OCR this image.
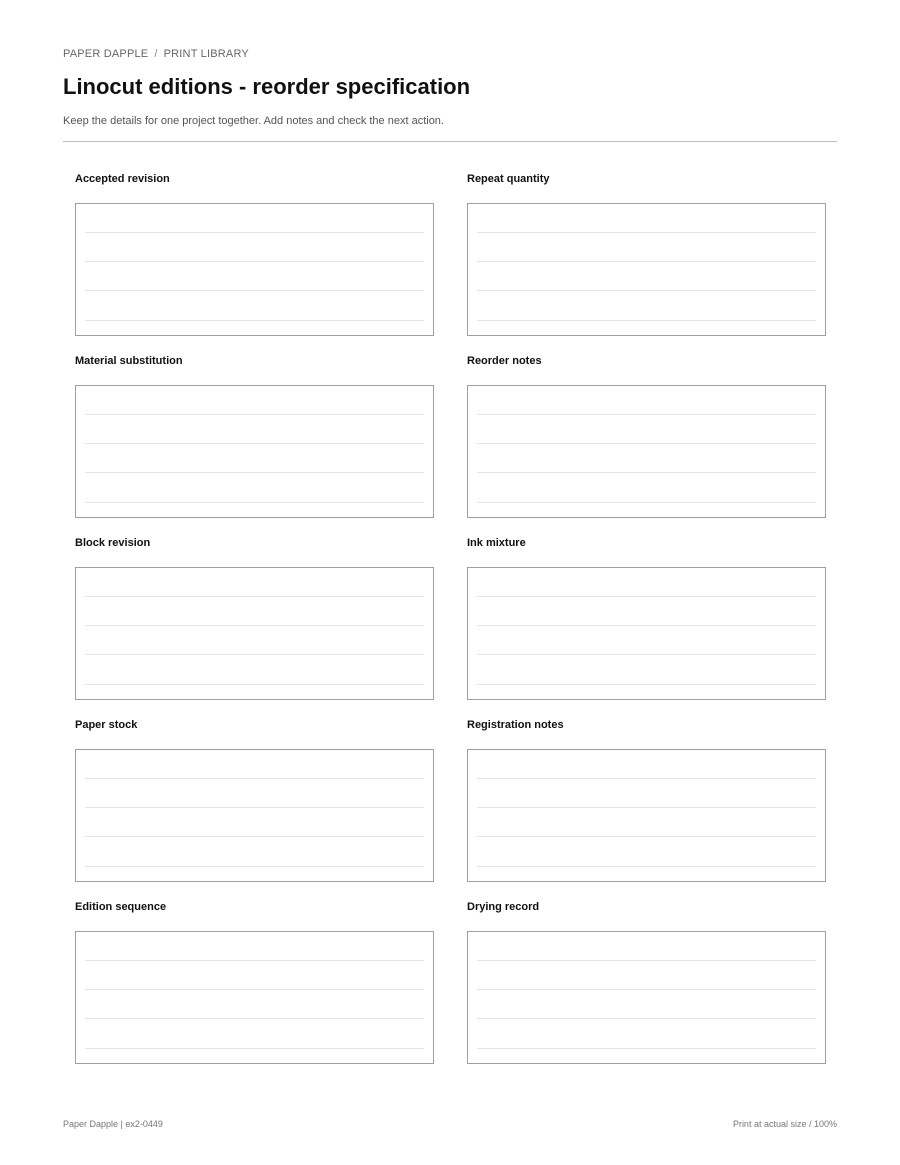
PAPER DAPPLE / PRINT LIBRARY
Linocut editions - reorder specification
Keep the details for one project together. Add notes and check the next action.
Accepted revision	Repeat quantity
Material substitution	Reorder notes
Block revision	Ink mixture
Paper stock	Registration notes
Edition sequence	Drying record
Paper Dapple | ex2-0449	Print at actual size / 100%
